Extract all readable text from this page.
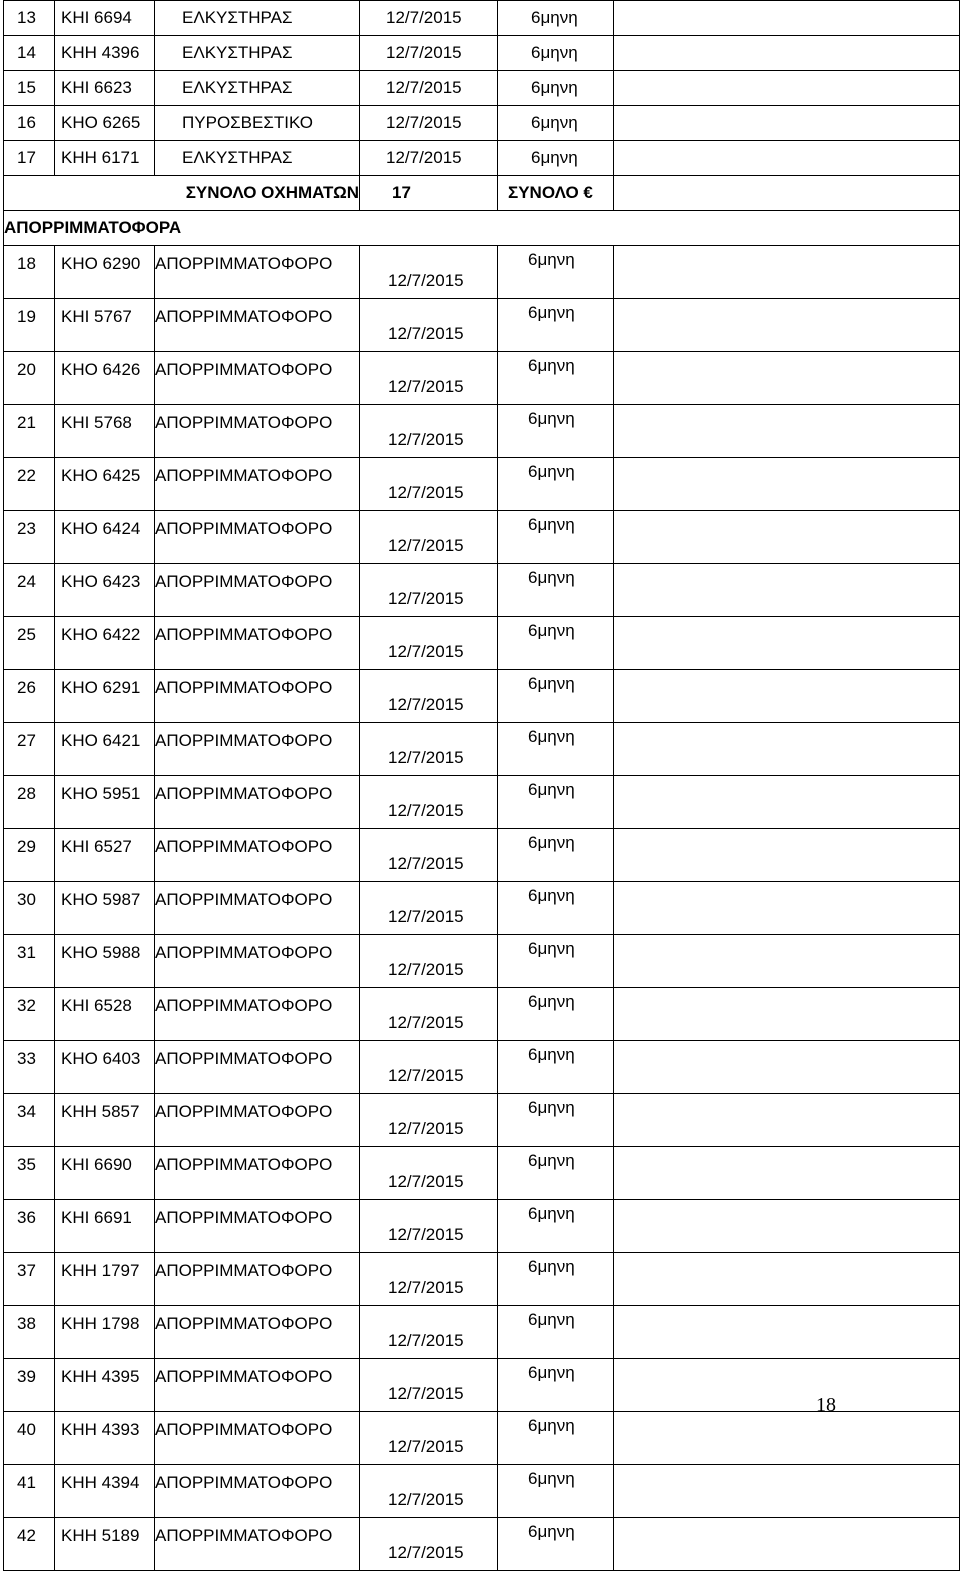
13	ΚΗΙ 6694	ΕΛΚΥΣΤΗΡΑΣ	12/7/2015	6μηνη	
14	ΚΗΗ 4396	ΕΛΚΥΣΤΗΡΑΣ	12/7/2015	6μηνη	
15	ΚΗΙ 6623	ΕΛΚΥΣΤΗΡΑΣ	12/7/2015	6μηνη	
16	ΚΗΟ 6265	ΠΥΡΟΣΒΕΣΤΙΚΟ	12/7/2015	6μηνη	
17	ΚΗΗ 6171	ΕΛΚΥΣΤΗΡΑΣ	12/7/2015	6μηνη	
ΣΥΝΟΛΟ ΟΧΗΜΑΤΩΝ			17	ΣΥΝΟΛΟ €	
ΑΠΟΡΡΙΜΜΑΤΟΦΟΡΑ					
18	ΚΗΟ 6290	ΑΠΟΡΡΙΜΜΑΤΟΦΟΡΟ	12/7/2015	6μηνη	
19	ΚΗΙ 5767	ΑΠΟΡΡΙΜΜΑΤΟΦΟΡΟ	12/7/2015	6μηνη	
20	ΚΗΟ 6426	ΑΠΟΡΡΙΜΜΑΤΟΦΟΡΟ	12/7/2015	6μηνη	
21	ΚΗΙ 5768	ΑΠΟΡΡΙΜΜΑΤΟΦΟΡΟ	12/7/2015	6μηνη	
22	ΚΗΟ 6425	ΑΠΟΡΡΙΜΜΑΤΟΦΟΡΟ	12/7/2015	6μηνη	
23	ΚΗΟ 6424	ΑΠΟΡΡΙΜΜΑΤΟΦΟΡΟ	12/7/2015	6μηνη	
24	ΚΗΟ 6423	ΑΠΟΡΡΙΜΜΑΤΟΦΟΡΟ	12/7/2015	6μηνη	
25	ΚΗΟ 6422	ΑΠΟΡΡΙΜΜΑΤΟΦΟΡΟ	12/7/2015	6μηνη	
26	ΚΗΟ 6291	ΑΠΟΡΡΙΜΜΑΤΟΦΟΡΟ	12/7/2015	6μηνη	
27	ΚΗΟ 6421	ΑΠΟΡΡΙΜΜΑΤΟΦΟΡΟ	12/7/2015	6μηνη	
28	ΚΗΟ 5951	ΑΠΟΡΡΙΜΜΑΤΟΦΟΡΟ	12/7/2015	6μηνη	
29	ΚΗΙ 6527	ΑΠΟΡΡΙΜΜΑΤΟΦΟΡΟ	12/7/2015	6μηνη	
30	ΚΗΟ 5987	ΑΠΟΡΡΙΜΜΑΤΟΦΟΡΟ	12/7/2015	6μηνη	
31	ΚΗΟ 5988	ΑΠΟΡΡΙΜΜΑΤΟΦΟΡΟ	12/7/2015	6μηνη	
32	ΚΗΙ 6528	ΑΠΟΡΡΙΜΜΑΤΟΦΟΡΟ	12/7/2015	6μηνη	
33	ΚΗΟ 6403	ΑΠΟΡΡΙΜΜΑΤΟΦΟΡΟ	12/7/2015	6μηνη	
34	ΚΗΗ 5857	ΑΠΟΡΡΙΜΜΑΤΟΦΟΡΟ	12/7/2015	6μηνη	
35	ΚΗΙ 6690	ΑΠΟΡΡΙΜΜΑΤΟΦΟΡΟ	12/7/2015	6μηνη	
36	ΚΗΙ 6691	ΑΠΟΡΡΙΜΜΑΤΟΦΟΡΟ	12/7/2015	6μηνη	
37	ΚΗΗ 1797	ΑΠΟΡΡΙΜΜΑΤΟΦΟΡΟ	12/7/2015	6μηνη	
38	ΚΗΗ 1798	ΑΠΟΡΡΙΜΜΑΤΟΦΟΡΟ	12/7/2015	6μηνη	
39	ΚΗΗ 4395	ΑΠΟΡΡΙΜΜΑΤΟΦΟΡΟ	12/7/2015	6μηνη	
40	ΚΗΗ 4393	ΑΠΟΡΡΙΜΜΑΤΟΦΟΡΟ	12/7/2015	6μηνη	
41	ΚΗΗ 4394	ΑΠΟΡΡΙΜΜΑΤΟΦΟΡΟ	12/7/2015	6μηνη	
42	ΚΗΗ 5189	ΑΠΟΡΡΙΜΜΑΤΟΦΟΡΟ	12/7/2015	6μηνη	
18
